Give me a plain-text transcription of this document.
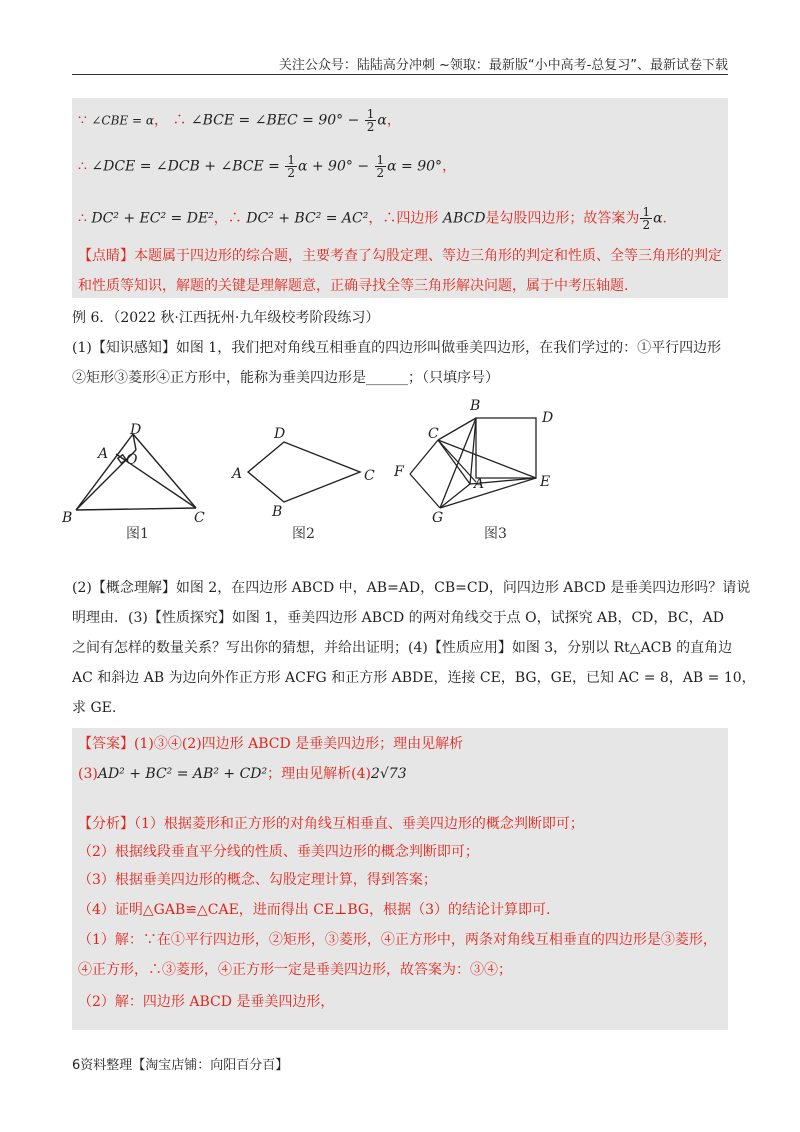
关注公众号：陆陆高分冲刺 ~领取：最新版“小中高考-总复习”、最新试卷下载
∵ ∠CBE = α， ∴ ∠BCE = ∠BEC = $90^\circ - \frac{1}{2}$ α，
∴ ∠DCE = ∠DCB + ∠BCE = $\frac{1}{2}$ $\alpha + 90^\circ - \frac{1}{2}$ α = 90°，
∴ DC² + EC² = DE²，∴ DC² + BC² = AC²，∴四边形 ABCD是勾股四边形；故答案为 $\frac{1}{2} \alpha$.
【点睛】本题属于四边形的综合题，主要考查了勾股定理、等边三角形的判定和性质、全等三角形的判定
和性质等知识，解题的关键是理解题意，正确寻找全等三角形解决问题，属于中考压轴题.
例 6．（2022 秋·江西抚州·九年级校考阶段练习）
(1)【知识感知】如图 1，我们把对角线互相垂直的四边形叫做垂美四边形，在我们学过的：①平行四边形
②矩形③菱形④正方形中，能称为垂美四边形是______；（只填序号）
D
A O
B	C
图1
D
A	C
B
图2
B
D
C
F
A	E
G
图3
(2)【概念理解】如图 2，在四边形 ABCD 中，AB=AD，CB=CD，问四边形 ABCD 是垂美四边形吗？请说
明理由．(3)【性质探究】如图 1，垂美四边形 ABCD 的两对角线交于点 O，试探究 AB，CD，BC，AD
之间有怎样的数量关系？写出你的猜想，并给出证明；(4)【性质应用】如图 3，分别以 Rt△ACB 的直角边
AC 和斜边 AB 为边向外作正方形 ACFG 和正方形 ABDE，连接 CE，BG，GE，已知 AC = 8，AB = 10，
求 GE.
【答案】(1)③④(2)四边形 ABCD 是垂美四边形；理由见解析
(3)AD² + BC² = AB² + CD²；理由见解析(4)2√73
【分析】（1）根据菱形和正方形的对角线互相垂直、垂美四边形的概念判断即可；
（2）根据线段垂直平分线的性质、垂美四边形的概念判断即可；
（3）根据垂美四边形的概念、勾股定理计算，得到答案；
（4）证明△GAB≌△CAE，进而得出 CE⊥BG，根据（3）的结论计算即可.
（1）解：∵在①平行四边形，②矩形，③菱形，④正方形中，两条对角线互相垂直的四边形是③菱形，
④正方形，∴③菱形，④正方形一定是垂美四边形，故答案为：③④；
（2）解：四边形 ABCD 是垂美四边形，
6资料整理【淘宝店铺：向阳百分百】
